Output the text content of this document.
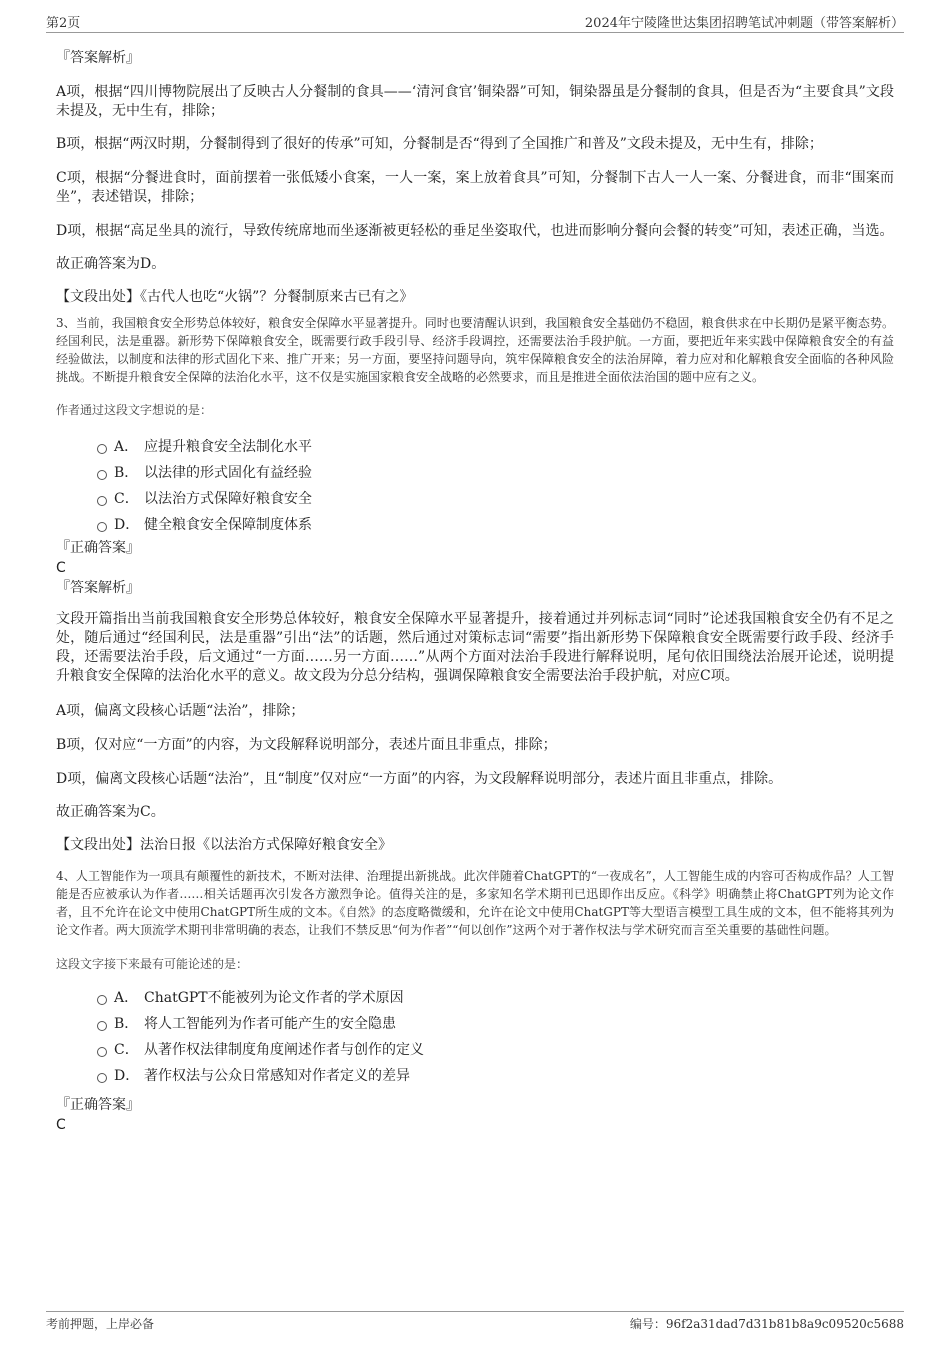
第2页	2024年宁陵隆世达集团招聘笔试冲刺题（带答案解析）

『答案解析』

A项，根据“四川博物院展出了反映古人分餐制的食具——‘清河食官’铜染器”可知，铜染器虽是分餐制的食具，但是否为“主要食具”文段未提及，无中生有，排除；

B项，根据“两汉时期，分餐制得到了很好的传承”可知，分餐制是否“得到了全国推广和普及”文段未提及，无中生有，排除；

C项，根据“分餐进食时，面前摆着一张低矮小食案，一人一案，案上放着食具”可知，分餐制下古人一人一案、分餐进食，而非“围案而坐”，表述错误，排除；

D项，根据“高足坐具的流行，导致传统席地而坐逐渐被更轻松的垂足坐姿取代，也进而影响分餐向会餐的转变”可知，表述正确，当选。

故正确答案为D。

【文段出处】《古代人也吃“火锅”？分餐制原来古已有之》

3、当前，我国粮食安全形势总体较好，粮食安全保障水平显著提升。同时也要清醒认识到，我国粮食安全基础仍不稳固，粮食供求在中长期仍是紧平衡态势。经国利民，法是重器。新形势下保障粮食安全，既需要行政手段引导、经济手段调控，还需要法治手段护航。一方面，要把近年来实践中保障粮食安全的有益经验做法，以制度和法律的形式固化下来、推广开来；另一方面，要坚持问题导向，筑牢保障粮食安全的法治屏障，着力应对和化解粮食安全面临的各种风险挑战。不断提升粮食安全保障的法治化水平，这不仅是实施国家粮食安全战略的必然要求，而且是推进全面依法治国的题中应有之义。

作者通过这段文字想说的是：

A． 应提升粮食安全法制化水平
B． 以法律的形式固化有益经验
C． 以法治方式保障好粮食安全
D． 健全粮食安全保障制度体系

『正确答案』

C

『答案解析』

文段开篇指出当前我国粮食安全形势总体较好，粮食安全保障水平显著提升，接着通过并列标志词“同时”论述我国粮食安全仍有不足之处，随后通过“经国利民，法是重器”引出“法”的话题，然后通过对策标志词“需要”指出新形势下保障粮食安全既需要行政手段、经济手段，还需要法治手段，后文通过“一方面……另一方面……”从两个方面对法治手段进行解释说明，尾句依旧围绕法治展开论述，说明提升粮食安全保障的法治化水平的意义。故文段为分总分结构，强调保障粮食安全需要法治手段护航，对应C项。

A项，偏离文段核心话题“法治”，排除；

B项，仅对应“一方面”的内容，为文段解释说明部分，表述片面且非重点，排除；

D项，偏离文段核心话题“法治”，且“制度”仅对应“一方面”的内容，为文段解释说明部分，表述片面且非重点，排除。

故正确答案为C。

【文段出处】法治日报《以法治方式保障好粮食安全》

4、人工智能作为一项具有颠覆性的新技术，不断对法律、治理提出新挑战。此次伴随着ChatGPT的“一夜成名”，人工智能生成的内容可否构成作品？人工智能是否应被承认为作者……相关话题再次引发各方激烈争论。值得关注的是，多家知名学术期刊已迅即作出反应。《科学》明确禁止将ChatGPT列为论文作者，且不允许在论文中使用ChatGPT所生成的文本。《自然》的态度略微缓和，允许在论文中使用ChatGPT等大型语言模型工具生成的文本，但不能将其列为论文作者。两大顶流学术期刊非常明确的表态，让我们不禁反思“何为作者”“何以创作”这两个对于著作权法与学术研究而言至关重要的基础性问题。

这段文字接下来最有可能论述的是：

A． ChatGPT不能被列为论文作者的学术原因
B． 将人工智能列为作者可能产生的安全隐患
C． 从著作权法律制度角度阐述作者与创作的定义
D． 著作权法与公众日常感知对作者定义的差异

『正确答案』

C

考前押题，上岸必备	编号：96f2a31dad7d31b81b8a9c09520c5688
